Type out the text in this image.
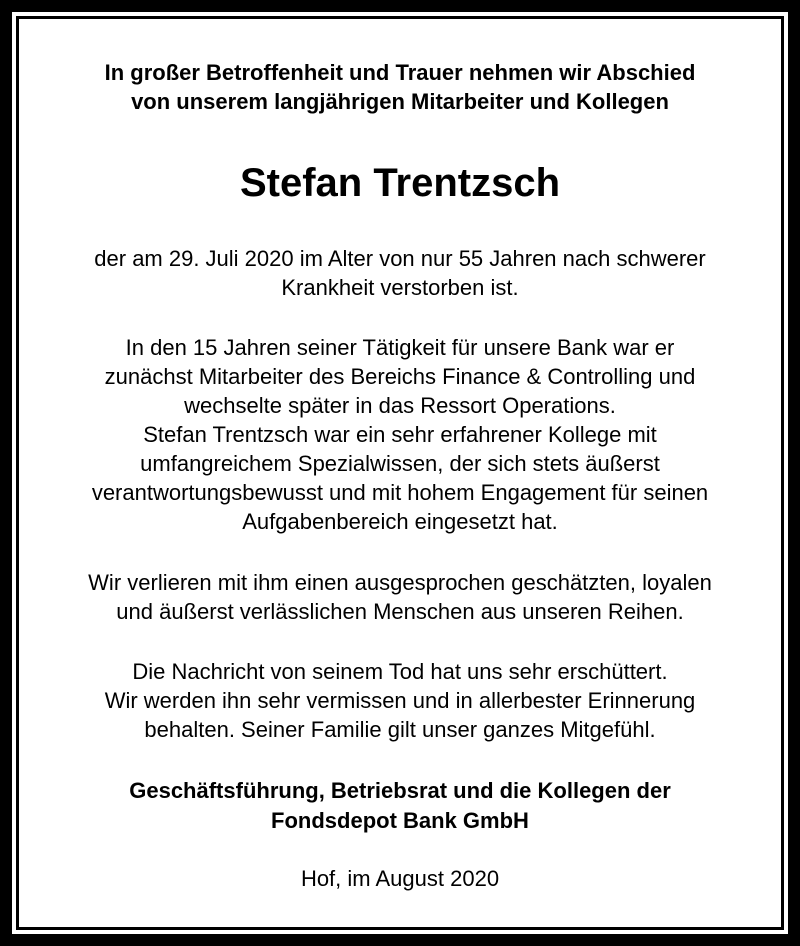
In großer Betroffenheit und Trauer nehmen wir Abschied
von unserem langjährigen Mitarbeiter und Kollegen
Stefan Trentzsch
der am 29. Juli 2020 im Alter von nur 55 Jahren nach schwerer
Krankheit verstorben ist.
In den 15 Jahren seiner Tätigkeit für unsere Bank war er
zunächst Mitarbeiter des Bereichs Finance & Controlling und
wechselte später in das Ressort Operations.
Stefan Trentzsch war ein sehr erfahrener Kollege mit
umfangreichem Spezialwissen, der sich stets äußerst
verantwortungsbewusst und mit hohem Engagement für seinen
Aufgabenbereich eingesetzt hat.
Wir verlieren mit ihm einen ausgesprochen geschätzten, loyalen
und äußerst verlässlichen Menschen aus unseren Reihen.
Die Nachricht von seinem Tod hat uns sehr erschüttert.
Wir werden ihn sehr vermissen und in allerbester Erinnerung
behalten. Seiner Familie gilt unser ganzes Mitgefühl.
Geschäftsführung, Betriebsrat und die Kollegen der
Fondsdepot Bank GmbH
Hof, im August 2020
